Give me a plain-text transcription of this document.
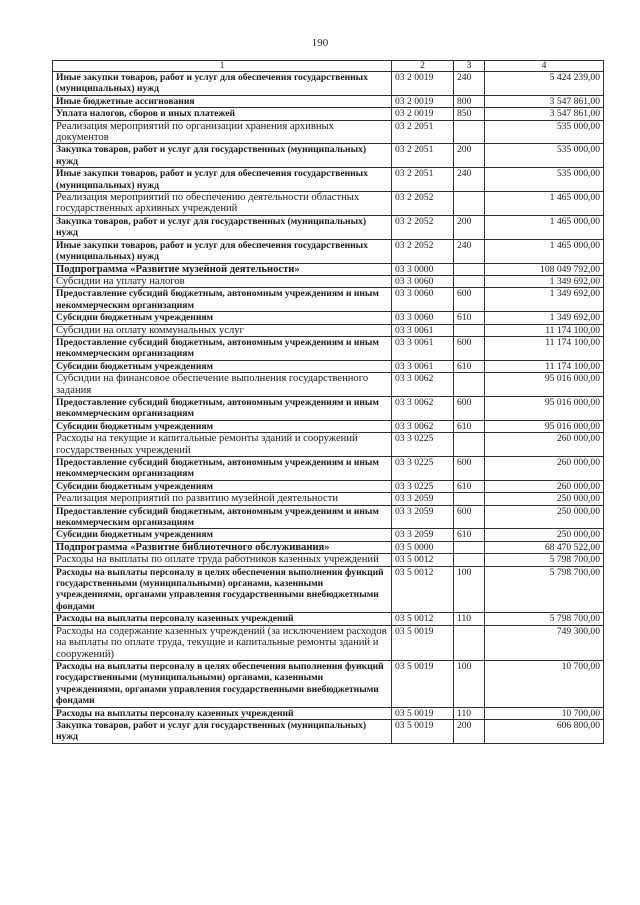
190
1	2	3	4
Иные закупки товаров, работ и услуг для обеспечения государственных (муниципальных) нужд	03 2 0019	240	5 424 239,00
Иные бюджетные ассигнования	03 2 0019	800	3 547 861,00
Уплата налогов, сборов и иных платежей	03 2 0019	850	3 547 861,00
Реализация мероприятий по организации хранения архивных документов	03 2 2051		535 000,00
Закупка товаров, работ и услуг для государственных (муниципальных) нужд	03 2 2051	200	535 000,00
Иные закупки товаров, работ и услуг для обеспечения государственных (муниципальных) нужд	03 2 2051	240	535 000,00
Реализация мероприятий по обеспечению деятельности областных государственных архивных учреждений	03 2 2052		1 465 000,00
Закупка товаров, работ и услуг для государственных (муниципальных) нужд	03 2 2052	200	1 465 000,00
Иные закупки товаров, работ и услуг для обеспечения государственных (муниципальных) нужд	03 2 2052	240	1 465 000,00
Подпрограмма «Развитие музейной деятельности»	03 3 0000		108 049 792,00
Субсидии на уплату налогов	03 3 0060		1 349 692,00
Предоставление субсидий бюджетным, автономным учреждениям и иным некоммерческим организациям	03 3 0060	600	1 349 692,00
Субсидии бюджетным учреждениям	03 3 0060	610	1 349 692,00
Субсидии на оплату коммунальных услуг	03 3 0061		11 174 100,00
Предоставление субсидий бюджетным, автономным учреждениям и иным некоммерческим организациям	03 3 0061	600	11 174 100,00
Субсидии бюджетным учреждениям	03 3 0061	610	11 174 100,00
Субсидии на финансовое обеспечение выполнения государственного задания	03 3 0062		95 016 000,00
Предоставление субсидий бюджетным, автономным учреждениям и иным некоммерческим организациям	03 3 0062	600	95 016 000,00
Субсидии бюджетным учреждениям	03 3 0062	610	95 016 000,00
Расходы на текущие и капитальные ремонты зданий и сооружений государственных учреждений	03 3 0225		260 000,00
Предоставление субсидий бюджетным, автономным учреждениям и иным некоммерческим организациям	03 3 0225	600	260 000,00
Субсидии бюджетным учреждениям	03 3 0225	610	260 000,00
Реализация мероприятий по развитию музейной деятельности	03 3 2059		250 000,00
Предоставление субсидий бюджетным, автономным учреждениям и иным некоммерческим организациям	03 3 2059	600	250 000,00
Субсидии бюджетным учреждениям	03 3 2059	610	250 000,00
Подпрограмма «Развитие библиотечного обслуживания»	03 5 0000		68 470 522,00
Расходы на выплаты по оплате труда работников казенных учреждений	03 5 0012		5 798 700,00
Расходы на выплаты персоналу в целях обеспечения выполнения функций государственными (муниципальными) органами, казенными учреждениями, органами управления государственными внебюджетными фондами	03 5 0012	100	5 798 700,00
Расходы на выплаты персоналу казенных учреждений	03 5 0012	110	5 798 700,00
Расходы на содержание казенных учреждений (за исключением расходов на выплаты по оплате труда, текущие и капитальные ремонты зданий и сооружений)	03 5 0019		749 300,00
Расходы на выплаты персоналу в целях обеспечения выполнения функций государственными (муниципальными) органами, казенными учреждениями, органами управления государственными внебюджетными фондами	03 5 0019	100	10 700,00
Расходы на выплаты персоналу казенных учреждений	03 5 0019	110	10 700,00
Закупка товаров, работ и услуг для государственных (муниципальных) нужд	03 5 0019	200	606 800,00
